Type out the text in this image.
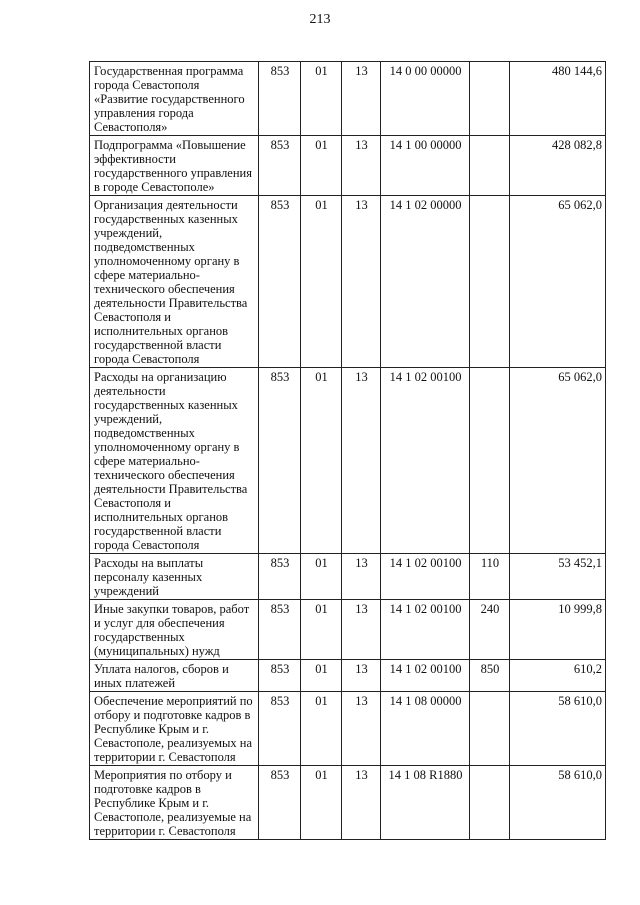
213
Государственная программа города Севастополя «Развитие государственного управления города Севастополя»	853	01	13	14 0 00 00000		480 144,6
Подпрограмма «Повышение эффективности государственного управления в городе Севастополе»	853	01	13	14 1 00 00000		428 082,8
Организация деятельности государственных казенных учреждений, подведомственных уполномоченному органу в сфере материально-технического обеспечения деятельности Правительства Севастополя и исполнительных органов государственной власти города Севастополя	853	01	13	14 1 02 00000		65 062,0
Расходы на организацию деятельности государственных казенных учреждений, подведомственных уполномоченному органу в сфере материально-технического обеспечения деятельности Правительства Севастополя и исполнительных органов государственной власти города Севастополя	853	01	13	14 1 02 00100		65 062,0
Расходы на выплаты персоналу казенных учреждений	853	01	13	14 1 02 00100	110	53 452,1
Иные закупки товаров, работ и услуг для обеспечения государственных (муниципальных) нужд	853	01	13	14 1 02 00100	240	10 999,8
Уплата налогов, сборов и иных платежей	853	01	13	14 1 02 00100	850	610,2
Обеспечение мероприятий по отбору и подготовке кадров в Республике Крым и г. Севастополе, реализуемых на территории г. Севастополя	853	01	13	14 1 08 00000		58 610,0
Мероприятия по отбору и подготовке кадров в Республике Крым и г. Севастополе, реализуемые на территории г. Севастополя	853	01	13	14 1 08 R1880		58 610,0
